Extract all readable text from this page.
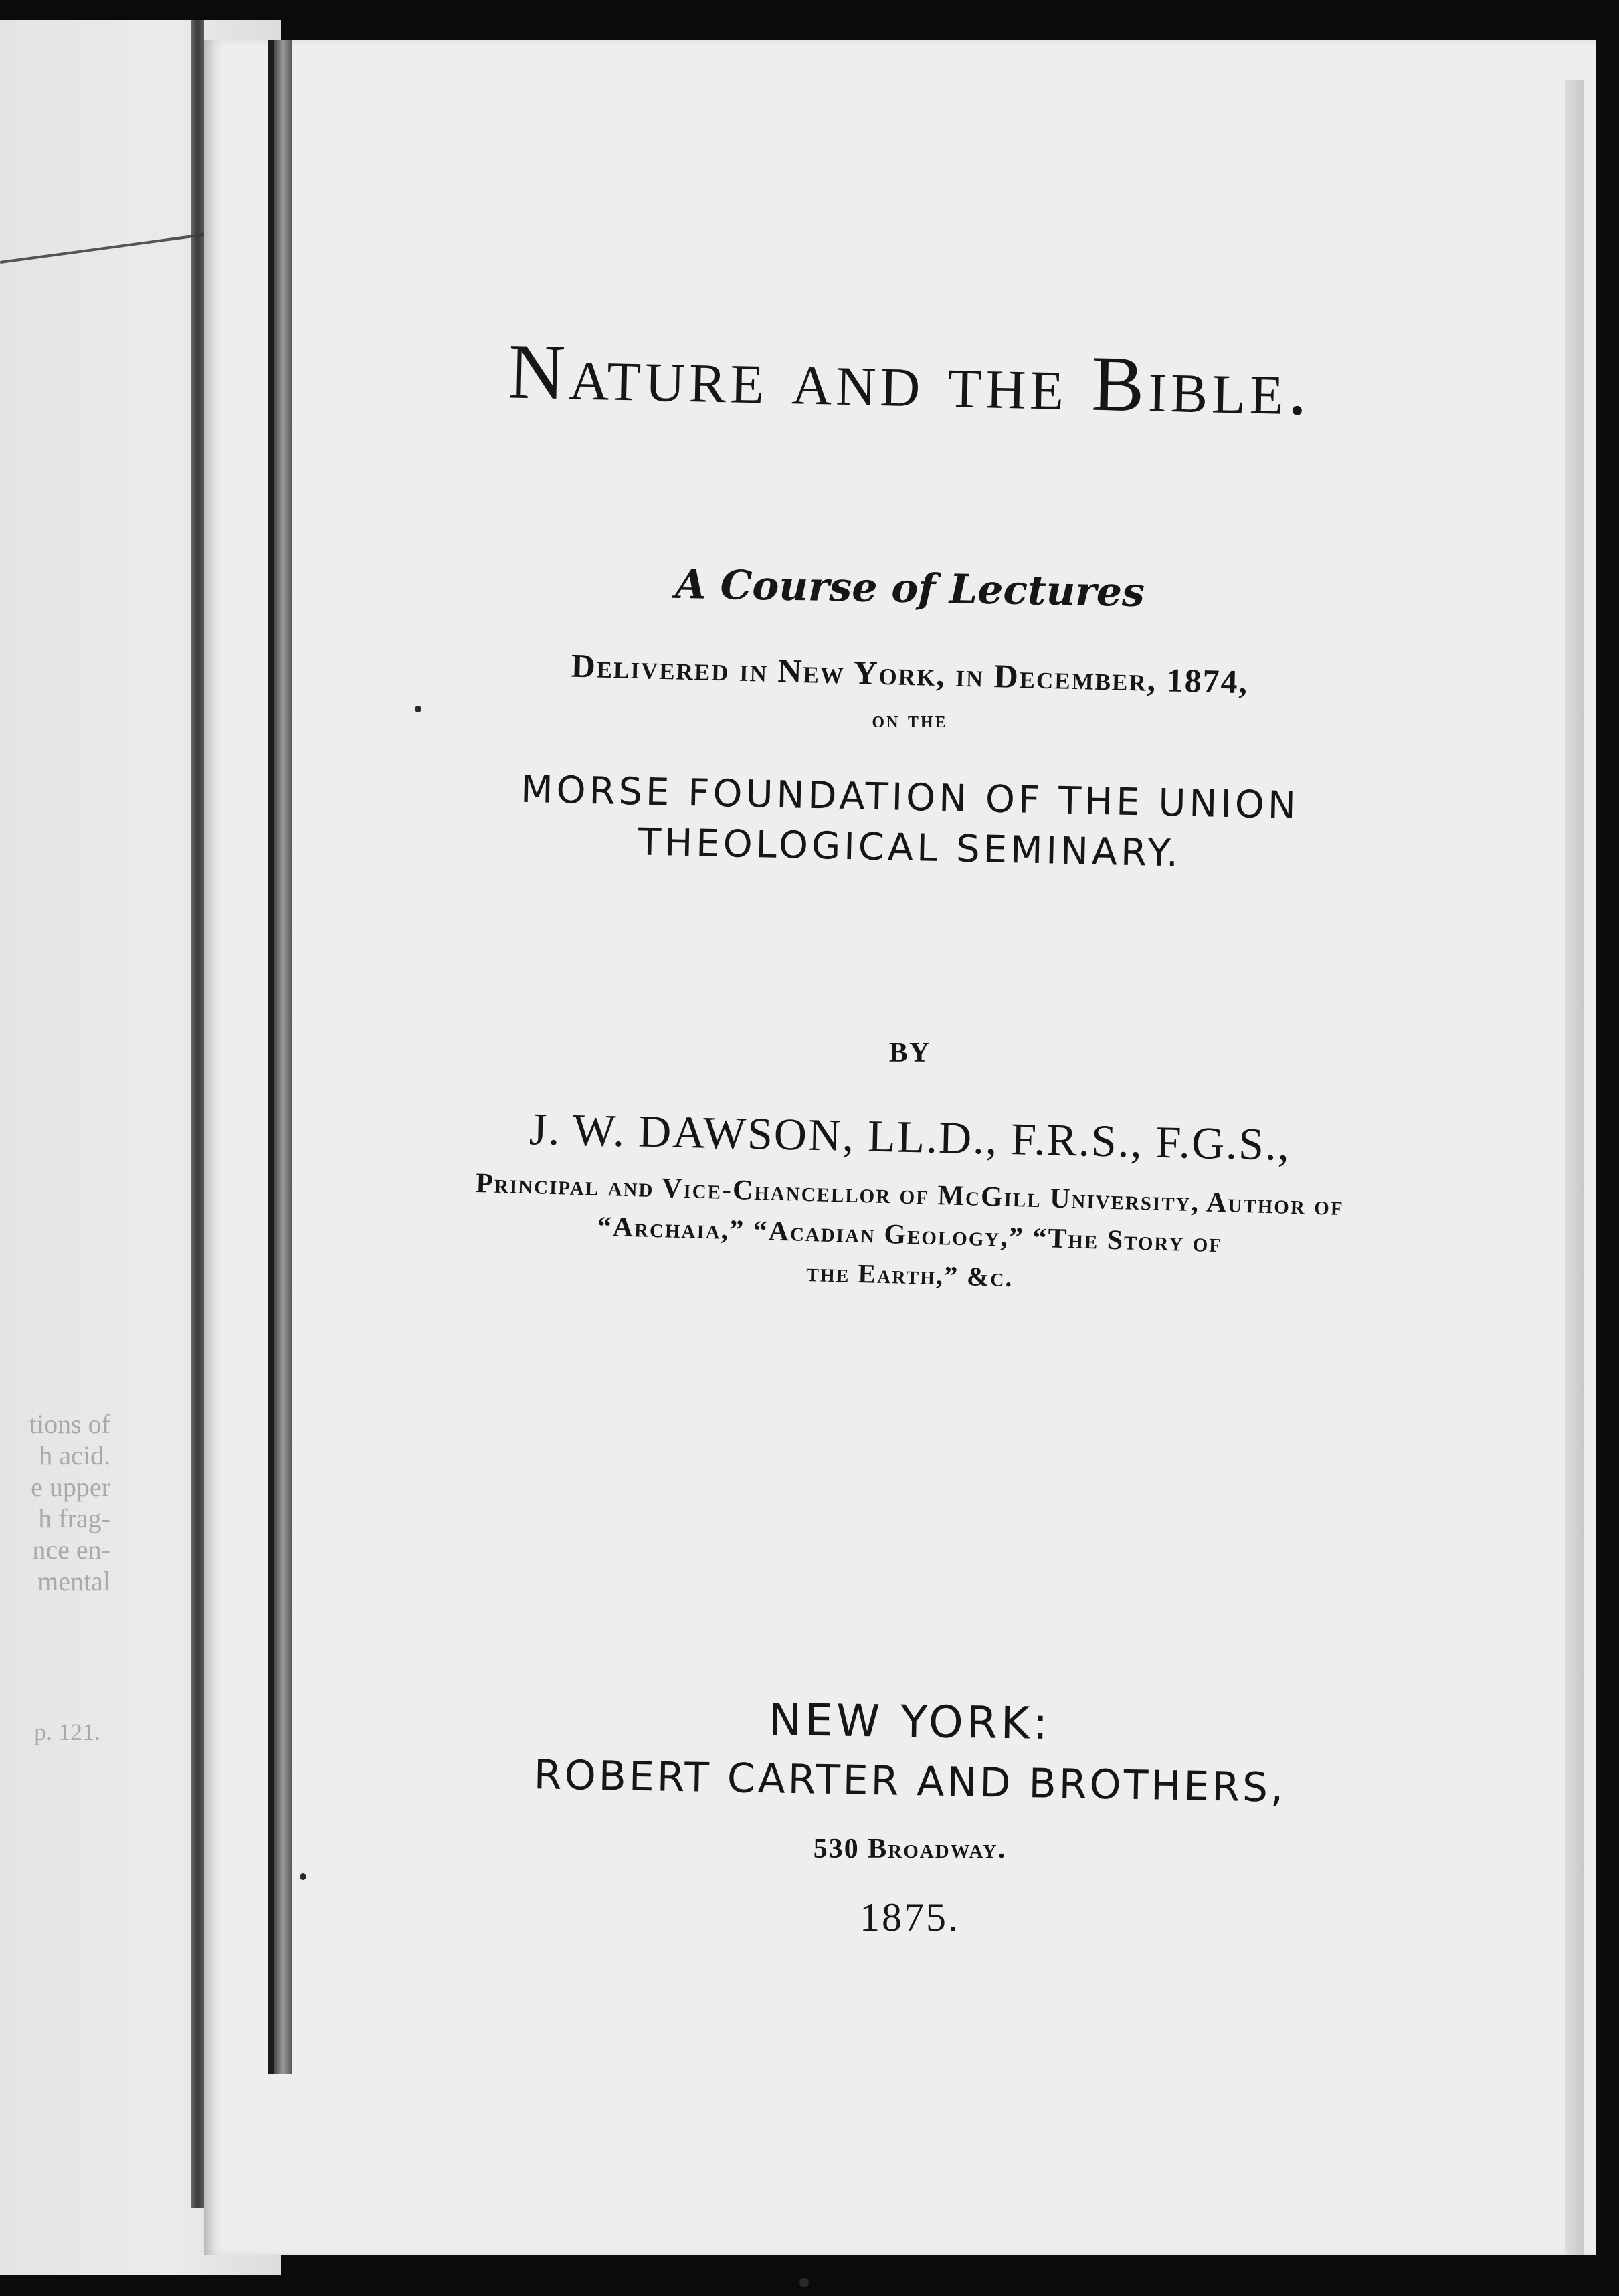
tions of
h acid.
e upper
h frag-
nce en-
mental
p. 121.
Nature and the Bible.
A Course of Lectures
Delivered in New York, in December, 1874,
on the
MORSE FOUNDATION OF THE UNION
THEOLOGICAL SEMINARY.
BY
J. W. DAWSON, LL.D., F.R.S., F.G.S.,
Principal and Vice-Chancellor of McGill University, Author of
“Archaia,” “Acadian Geology,” “The Story of
the Earth,” &c.
NEW YORK:
ROBERT CARTER AND BROTHERS,
530 Broadway.
1875.
